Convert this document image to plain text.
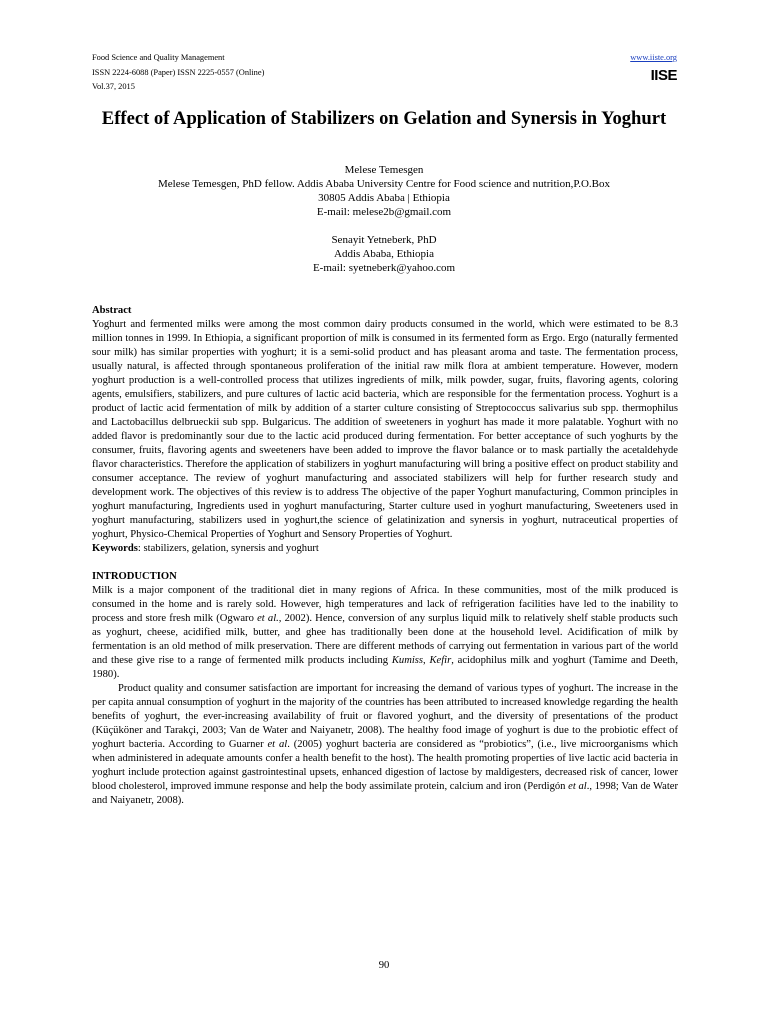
Food Science and Quality Management
ISSN 2224-6088 (Paper) ISSN 2225-0557 (Online)
Vol.37, 2015
www.iiste.org
IISE
Effect of Application of Stabilizers on Gelation and Synersis in Yoghurt
Melese Temesgen
Melese Temesgen, PhD fellow. Addis Ababa University Centre for Food science and nutrition,P.O.Box
30805 Addis Ababa | Ethiopia
E-mail: melese2b@gmail.com
Senayit Yetneberk, PhD
Addis Ababa, Ethiopia
E-mail: syetneberk@yahoo.com
Abstract

Yoghurt and fermented milks were among the most common dairy products consumed in the world, which were estimated to be 8.3 million tonnes in 1999. In Ethiopia, a significant proportion of milk is consumed in its fermented form as Ergo. Ergo (naturally fermented sour milk) has similar properties with yoghurt; it is a semi-solid product and has pleasant aroma and taste. The fermentation process, usually natural, is affected through spontaneous proliferation of the initial raw milk flora at ambient temperature. However, modern yoghurt production is a well-controlled process that utilizes ingredients of milk, milk powder, sugar, fruits, flavoring agents, coloring agents, emulsifiers, stabilizers, and pure cultures of lactic acid bacteria, which are responsible for the fermentation process. Yoghurt is a product of lactic acid fermentation of milk by addition of a starter culture consisting of Streptococcus salivarius sub spp. thermophilus and Lactobacillus delbrueckii sub spp. Bulgaricus. The addition of sweeteners in yoghurt has made it more palatable. Yoghurt with no added flavor is predominantly sour due to the lactic acid produced during fermentation. For better acceptance of such yoghurts by the consumer, fruits, flavoring agents and sweeteners have been added to improve the flavor balance or to mask partially the acetaldehyde flavor characteristics. Therefore the application of stabilizers in yoghurt manufacturing will bring a positive effect on product stability and consumer acceptance. The review of yoghurt manufacturing and associated stabilizers will help for further research study and development work. The objectives of this review is to address The objective of the paper Yoghurt manufacturing, Common principles in yoghurt manufacturing, Ingredients used in yoghurt manufacturing, Starter culture used in yoghurt manufacturing, Sweeteners used in yoghurt manufacturing, stabilizers used in yoghurt,the science of gelatinization and synersis in yoghurt, nutraceutical properties of yoghurt, Physico-Chemical Properties of Yoghurt and Sensory Properties of Yoghurt.

Keywords: stabilizers, gelation, synersis and yoghurt

INTRODUCTION

Milk is a major component of the traditional diet in many regions of Africa. In these communities, most of the milk produced is consumed in the home and is rarely sold. However, high temperatures and lack of refrigeration facilities have led to the inability to process and store fresh milk (Ogwaro et al., 2002). Hence, conversion of any surplus liquid milk to relatively shelf stable products such as yoghurt, cheese, acidified milk, butter, and ghee has traditionally been done at the household level. Acidification of milk by fermentation is an old method of milk preservation. There are different methods of carrying out fermentation in various part of the world and these give rise to a range of fermented milk products including Kumiss, Kefir, acidophilus milk and yoghurt (Tamime and Deeth, 1980).

Product quality and consumer satisfaction are important for increasing the demand of various types of yoghurt. The increase in the per capita annual consumption of yoghurt in the majority of the countries has been attributed to increased knowledge regarding the health benefits of yoghurt, the ever-increasing availability of fruit or flavored yoghurt, and the diversity of presentations of the product (Küçüköner and Tarakçi, 2003; Van de Water and Naiyanetr, 2008). The healthy food image of yoghurt is due to the probiotic effect of yoghurt bacteria. According to Guarner et al. (2005) yoghurt bacteria are considered as “probiotics”, (i.e., live microorganisms which when administered in adequate amounts confer a health benefit to the host). The health promoting properties of live lactic acid bacteria in yoghurt include protection against gastrointestinal upsets, enhanced digestion of lactose by maldigesters, decreased risk of cancer, lower blood cholesterol, improved immune response and help the body assimilate protein, calcium and iron (Perdigón et al., 1998; Van de Water and Naiyanetr, 2008).

90
